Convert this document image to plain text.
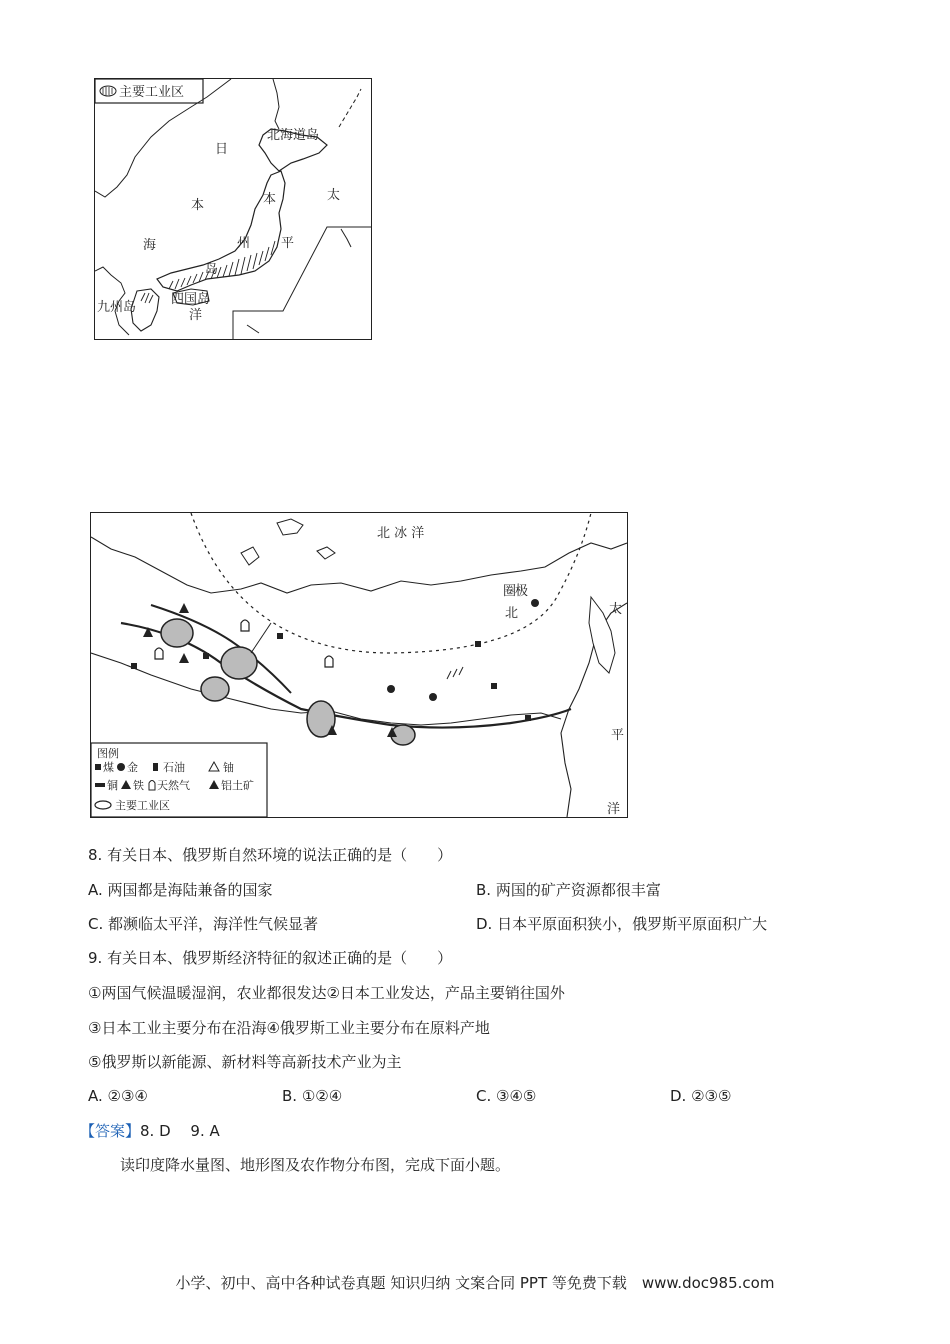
主要工业区
北海道岛
日
本
海
本
州
岛
太
平
洋
四国岛
九州岛
北 冰 洋
北
极
圈
太
平
洋
图例
煤 金 石油	铀
铜 铁 天然气	铝土矿
主要工业区
8. 有关日本、俄罗斯自然环境的说法正确的是（　　）
A. 两国都是海陆兼备的国家	B. 两国的矿产资源都很丰富
C. 都濒临太平洋，海洋性气候显著	D. 日本平原面积狭小，俄罗斯平原面积广大
9. 有关日本、俄罗斯经济特征的叙述正确的是（　　）
①两国气候温暖湿润，农业都很发达②日本工业发达，产品主要销往国外
③日本工业主要分布在沿海④俄罗斯工业主要分布在原料产地
⑤俄罗斯以新能源、新材料等高新技术产业为主
A. ②③④	B. ①②④	C. ③④⑤	D. ②③⑤
【答案】8. D　 9. A
读印度降水量图、地形图及农作物分布图，完成下面小题。
小学、初中、高中各种试卷真题 知识归纳 文案合同 PPT 等免费下载　www.doc985.com
